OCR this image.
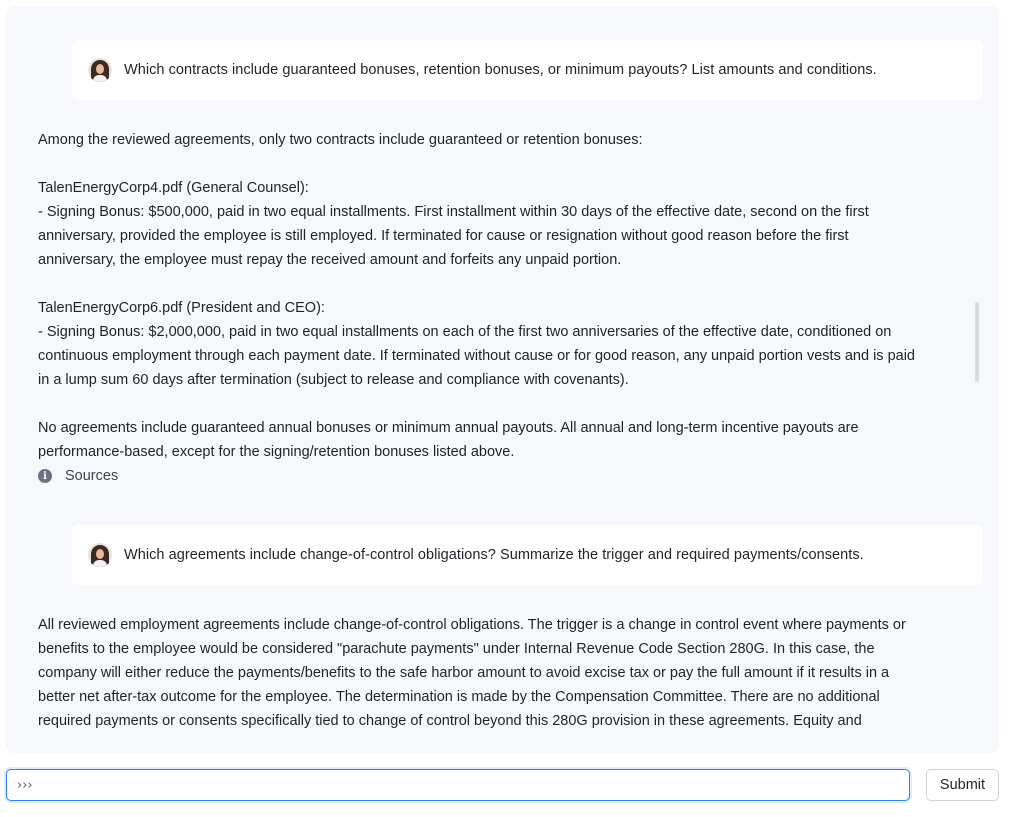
Which contracts include guaranteed bonuses, retention bonuses, or minimum payouts? List amounts and conditions.

Among the reviewed agreements, only two contracts include guaranteed or retention bonuses:

TalenEnergyCorp4.pdf (General Counsel):

- Signing Bonus: $500,000, paid in two equal installments. First installment within 30 days of the effective date, second on the first

anniversary, provided the employee is still employed. If terminated for cause or resignation without good reason before the first

anniversary, the employee must repay the received amount and forfeits any unpaid portion.

TalenEnergyCorp6.pdf (President and CEO):

- Signing Bonus: $2,000,000, paid in two equal installments on each of the first two anniversaries of the effective date, conditioned on

continuous employment through each payment date. If terminated without cause or for good reason, any unpaid portion vests and is paid

in a lump sum 60 days after termination (subject to release and compliance with covenants).

No agreements include guaranteed annual bonuses or minimum annual payouts. All annual and long-term incentive payouts are

performance-based, except for the signing/retention bonuses listed above.

i	Sources
Which agreements include change-of-control obligations? Summarize the trigger and required payments/consents.

All reviewed employment agreements include change-of-control obligations. The trigger is a change in control event where payments or

benefits to the employee would be considered "parachute payments" under Internal Revenue Code Section 280G. In this case, the

company will either reduce the payments/benefits to the safe harbor amount to avoid excise tax or pay the full amount if it results in a

better net after-tax outcome for the employee. The determination is made by the Compensation Committee. There are no additional

required payments or consents specifically tied to change of control beyond this 280G provision in these agreements. Equity and

›››
Submit
